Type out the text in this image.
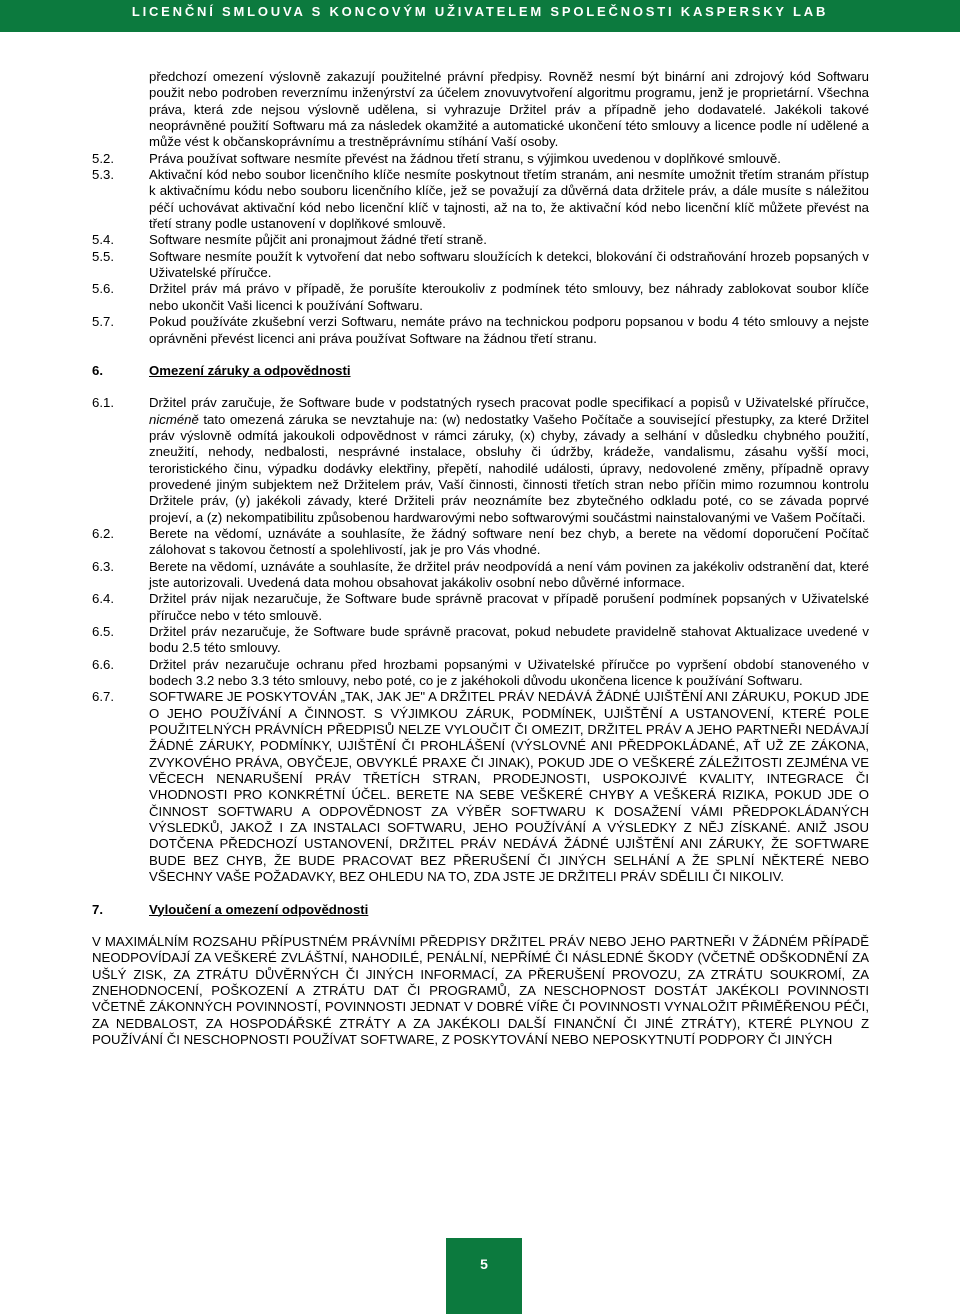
LICENČNÍ SMLOUVA S KONCOVÝM UŽIVATELEM SPOLEČNOSTI KASPERSKY LAB

předchozí omezení výslovně zakazují použitelné právní předpisy. Rovněž nesmí být binární ani zdrojový kód Softwaru použit nebo podroben reverznímu inženýrství za účelem znovuvytvoření algoritmu programu, jenž je proprietární. Všechna práva, která zde nejsou výslovně udělena, si vyhrazuje Držitel práv a případně jeho dodavatelé. Jakékoli takové neoprávněné použití Softwaru má za následek okamžité a automatické ukončení této smlouvy a licence podle ní udělené a může vést k občanskoprávnímu a trestněprávnímu stíhání Vaší osoby.

5.2.	Práva používat software nesmíte převést na žádnou třetí stranu, s výjimkou uvedenou v doplňkové smlouvě.
5.3.	Aktivační kód nebo soubor licenčního klíče nesmíte poskytnout třetím stranám, ani nesmíte umožnit třetím stranám přístup k aktivačnímu kódu nebo souboru licenčního klíče, jež se považují za důvěrná data držitele práv, a dále musíte s náležitou péčí uchovávat aktivační kód nebo licenční klíč v tajnosti, až na to, že aktivační kód nebo licenční klíč můžete převést na třetí strany podle ustanovení v doplňkové smlouvě.
5.4.	Software nesmíte půjčit ani pronajmout žádné třetí straně.
5.5.	Software nesmíte použít k vytvoření dat nebo softwaru sloužících k detekci, blokování či odstraňování hrozeb popsaných v Uživatelské příručce.
5.6.	Držitel práv má právo v případě, že porušíte kteroukoliv z podmínek této smlouvy, bez náhrady zablokovat soubor klíče nebo ukončit Vaši licenci k používání Softwaru.
5.7.	Pokud používáte zkušební verzi Softwaru, nemáte právo na technickou podporu popsanou v bodu 4 této smlouvy a nejste oprávněni převést licenci ani práva používat Software na žádnou třetí stranu.
6.	Omezení záruky a odpovědnosti
6.1.	Držitel práv zaručuje, že Software bude v podstatných rysech pracovat podle specifikací a popisů v Uživatelské příručce, nicméně tato omezená záruka se nevztahuje na: (w) nedostatky Vašeho Počítače a související přestupky, za které Držitel práv výslovně odmítá jakoukoli odpovědnost v rámci záruky, (x) chyby, závady a selhání v důsledku chybného použití, zneužití, nehody, nedbalosti, nesprávné instalace, obsluhy či údržby, krádeže, vandalismu, zásahu vyšší moci, teroristického činu, výpadku dodávky elektřiny, přepětí, nahodilé události, úpravy, nedovolené změny, případně opravy provedené jiným subjektem než Držitelem práv, Vaší činnosti, činnosti třetích stran nebo příčin mimo rozumnou kontrolu Držitele práv, (y) jakékoli závady, které Držiteli práv neoznámíte bez zbytečného odkladu poté, co se závada poprvé projeví, a (z) nekompatibilitu způsobenou hardwarovými nebo softwarovými součástmi nainstalovanými ve Vašem Počítači.
6.2.	Berete na vědomí, uznáváte a souhlasíte, že žádný software není bez chyb, a berete na vědomí doporučení Počítač zálohovat s takovou četností a spolehlivostí, jak je pro Vás vhodné.
6.3.	Berete na vědomí, uznáváte a souhlasíte, že držitel práv neodpovídá a není vám povinen za jakékoliv odstranění dat, které jste autorizovali. Uvedená data mohou obsahovat jakákoliv osobní nebo důvěrné informace.
6.4.	Držitel práv nijak nezaručuje, že Software bude správně pracovat v případě porušení podmínek popsaných v Uživatelské příručce nebo v této smlouvě.
6.5.	Držitel práv nezaručuje, že Software bude správně pracovat, pokud nebudete pravidelně stahovat Aktualizace uvedené v bodu 2.5 této smlouvy.
6.6.	Držitel práv nezaručuje ochranu před hrozbami popsanými v Uživatelské příručce po vypršení období stanoveného v bodech 3.2 nebo 3.3 této smlouvy, nebo poté, co je z jakéhokoli důvodu ukončena licence k používání Softwaru.
6.7.	SOFTWARE JE POSKYTOVÁN „TAK, JAK JE" A DRŽITEL PRÁV NEDÁVÁ ŽÁDNÉ UJIŠTĚNÍ ANI ZÁRUKU, POKUD JDE O JEHO POUŽÍVÁNÍ A ČINNOST. S VÝJIMKOU ZÁRUK, PODMÍNEK, UJIŠTĚNÍ A USTANOVENÍ, KTERÉ POLE POUŽITELNÝCH PRÁVNÍCH PŘEDPISŮ NELZE VYLOUČIT ČI OMEZIT, DRŽITEL PRÁV A JEHO PARTNEŘI NEDÁVAJÍ ŽÁDNÉ ZÁRUKY, PODMÍNKY, UJIŠTĚNÍ ČI PROHLÁŠENÍ (VÝSLOVNÉ ANI PŘEDPOKLÁDANÉ, AŤ UŽ ZE ZÁKONA, ZVYKOVÉHO PRÁVA, OBYČEJE, OBVYKLÉ PRAXE ČI JINAK), POKUD JDE O VEŠKERÉ ZÁLEŽITOSTI ZEJMÉNA VE VĚCECH NENARUŠENÍ PRÁV TŘETÍCH STRAN, PRODEJNOSTI, USPOKOJIVÉ KVALITY, INTEGRACE ČI VHODNOSTI PRO KONKRÉTNÍ ÚČEL. BERETE NA SEBE VEŠKERÉ CHYBY A VEŠKERÁ RIZIKA, POKUD JDE O ČINNOST SOFTWARU A ODPOVĚDNOST ZA VÝBĚR SOFTWARU K DOSAŽENÍ VÁMI PŘEDPOKLÁDANÝCH VÝSLEDKŮ, JAKOŽ I ZA INSTALACI SOFTWARU, JEHO POUŽÍVÁNÍ A VÝSLEDKY Z NĚJ ZÍSKANÉ. ANIŽ JSOU DOTČENA PŘEDCHOZÍ USTANOVENÍ, DRŽITEL PRÁV NEDÁVÁ ŽÁDNÉ UJIŠTĚNÍ ANI ZÁRUKY, ŽE SOFTWARE BUDE BEZ CHYB, ŽE BUDE PRACOVAT BEZ PŘERUŠENÍ ČI JINÝCH SELHÁNÍ A ŽE SPLNÍ NĚKTERÉ NEBO VŠECHNY VAŠE POŽADAVKY, BEZ OHLEDU NA TO, ZDA JSTE JE DRŽITELI PRÁV SDĚLILI ČI NIKOLIV.
7.	Vyloučení a omezení odpovědnosti

V MAXIMÁLNÍM ROZSAHU PŘÍPUSTNÉM PRÁVNÍMI PŘEDPISY DRŽITEL PRÁV NEBO JEHO PARTNEŘI V ŽÁDNÉM PŘÍPADĚ NEODPOVÍDAJÍ ZA VEŠKERÉ ZVLÁŠTNÍ, NAHODILÉ, PENÁLNÍ, NEPŘÍMÉ ČI NÁSLEDNÉ ŠKODY (VČETNĚ ODŠKODNĚNÍ ZA UŠLÝ ZISK, ZA ZTRÁTU DŮVĚRNÝCH ČI JINÝCH INFORMACÍ, ZA PŘERUŠENÍ PROVOZU, ZA ZTRÁTU SOUKROMÍ, ZA ZNEHODNOCENÍ, POŠKOZENÍ A ZTRÁTU DAT ČI PROGRAMŮ, ZA NESCHOPNOST DOSTÁT JAKÉKOLI POVINNOSTI VČETNĚ ZÁKONNÝCH POVINNOSTÍ, POVINNOSTI JEDNAT V DOBRÉ VÍŘE ČI POVINNOSTI VYNALOŽIT PŘIMĚŘENOU PÉČI, ZA NEDBALOST, ZA HOSPODÁŘSKÉ ZTRÁTY A ZA JAKÉKOLI DALŠÍ FINANČNÍ ČI JINÉ ZTRÁTY), KTERÉ PLYNOU Z POUŽÍVÁNÍ ČI NESCHOPNOSTI POUŽÍVAT SOFTWARE, Z POSKYTOVÁNÍ NEBO NEPOSKYTNUTÍ PODPORY ČI JINÝCH

5
